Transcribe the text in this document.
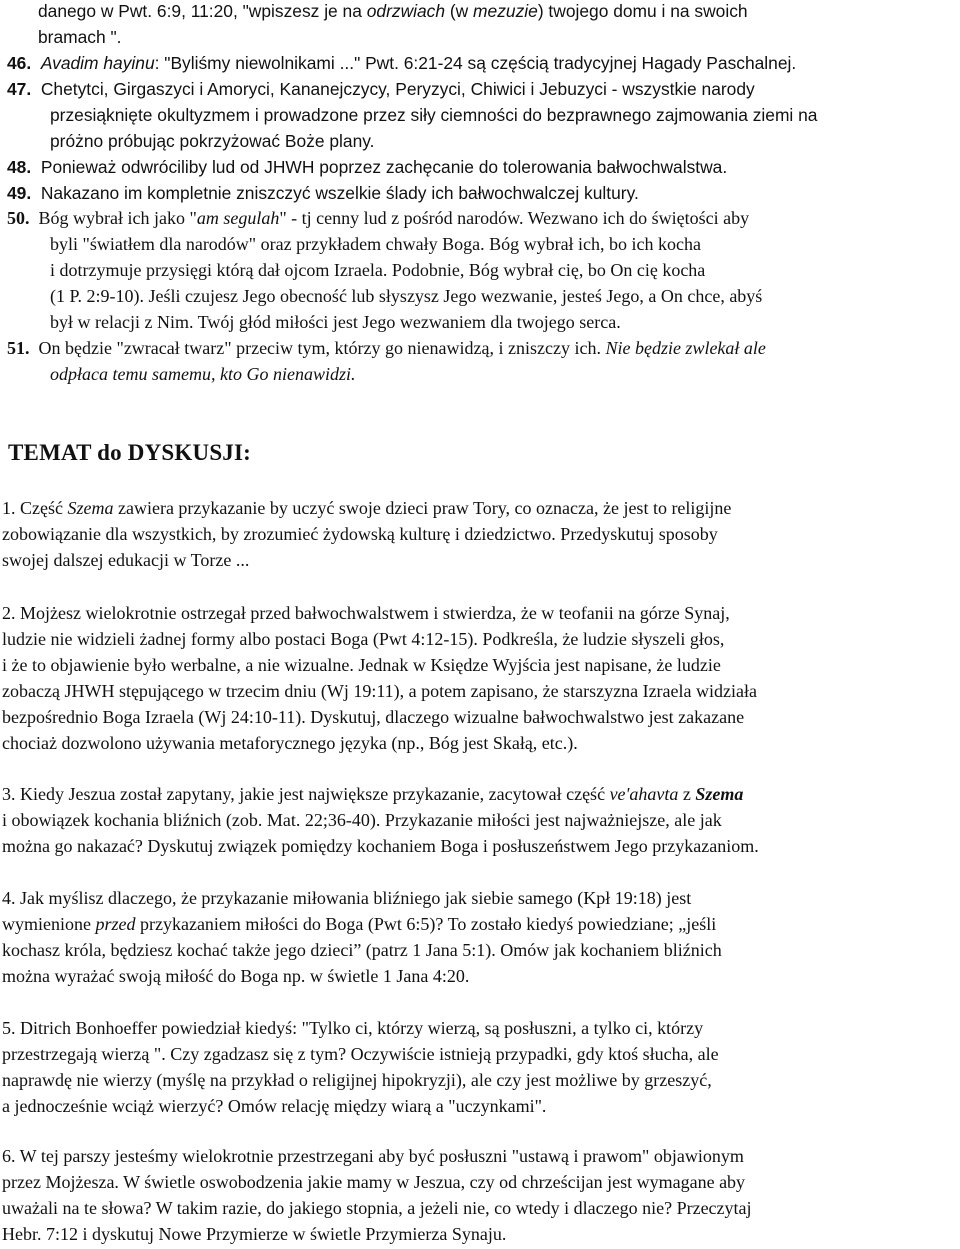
danego w Pwt. 6:9, 11:20, "wpiszesz je na odrzwiach (w mezuzie) twojego domu i na swoich
bramach ".
46. Avadim hayinu: "Byliśmy niewolnikami ..." Pwt. 6:21-24 są częścią tradycyjnej Hagady Paschalnej.
47. Chetytci, Girgaszyci i Amoryci, Kananejczycy, Peryzyci, Chiwici i Jebuzyci - wszystkie narody
przesiąknięte okultyzmem i prowadzone przez siły ciemności do bezprawnego zajmowania ziemi na
próżno próbując pokrzyżować Boże plany.
48. Ponieważ odwróciliby lud od JHWH poprzez zachęcanie do tolerowania bałwochwalstwa.
49. Nakazano im kompletnie zniszczyć wszelkie ślady ich bałwochwalczej kultury.
50. Bóg wybrał ich jako "am segulah" - tj cenny lud z pośród narodów. Wezwano ich do świętości aby
byli "światłem dla narodów" oraz przykładem chwały Boga. Bóg wybrał ich, bo ich kocha
i dotrzymuje przysięgi którą dał ojcom Izraela. Podobnie, Bóg wybrał cię, bo On cię kocha
(1 P. 2:9-10). Jeśli czujesz Jego obecność lub słyszysz Jego wezwanie, jesteś Jego, a On chce, abyś
był w relacji z Nim. Twój głód miłości jest Jego wezwaniem dla twojego serca.
51. On będzie "zwracał twarz" przeciw tym, którzy go nienawidzą, i zniszczy ich. Nie będzie zwlekał ale
odpłaca temu samemu, kto Go nienawidzi.
TEMAT do DYSKUSJI:
1. Część Szema zawiera przykazanie by uczyć swoje dzieci praw Tory, co oznacza, że jest to religijne
zobowiązanie dla wszystkich, by zrozumieć żydowską kulturę i dziedzictwo. Przedyskutuj sposoby
swojej dalszej edukacji w Torze ...
2. Mojżesz wielokrotnie ostrzegał przed bałwochwalstwem i stwierdza, że w teofanii na górze Synaj,
ludzie nie widzieli żadnej formy albo postaci Boga (Pwt 4:12-15). Podkreśla, że ludzie słyszeli głos,
i że to objawienie było werbalne, a nie wizualne. Jednak w Księdze Wyjścia jest napisane, że ludzie
zobaczą JHWH stępującego w trzecim dniu (Wj 19:11), a potem zapisano, że starszyzna Izraela widziała
bezpośrednio Boga Izraela (Wj 24:10-11). Dyskutuj, dlaczego wizualne bałwochwalstwo jest zakazane
chociaż dozwolono używania metaforycznego języka (np., Bóg jest Skałą, etc.).
3. Kiedy Jeszua został zapytany, jakie jest największe przykazanie, zacytował część ve'ahavta z Szema
i obowiązek kochania bliźnich (zob. Mat. 22;36-40). Przykazanie miłości jest najważniejsze, ale jak
można go nakazać? Dyskutuj związek pomiędzy kochaniem Boga i posłuszeństwem Jego przykazaniom.
4. Jak myślisz dlaczego, że przykazanie miłowania bliźniego jak siebie samego (Kpł 19:18) jest
wymienione przed przykazaniem miłości do Boga (Pwt 6:5)? To zostało kiedyś powiedziane; „jeśli
kochasz króla, będziesz kochać także jego dzieci” (patrz 1 Jana 5:1). Omów jak kochaniem bliźnich
można wyrażać swoją miłość do Boga np. w świetle 1 Jana 4:20.
5. Ditrich Bonhoeffer powiedział kiedyś: "Tylko ci, którzy wierzą, są posłuszni, a tylko ci, którzy
przestrzegają wierzą ". Czy zgadzasz się z tym? Oczywiście istnieją przypadki, gdy ktoś słucha, ale
naprawdę nie wierzy (myślę na przykład o religijnej hipokryzji), ale czy jest możliwe by grzeszyć,
a jednocześnie wciąż wierzyć? Omów relację między wiarą a "uczynkami".
6. W tej parszy jesteśmy wielokrotnie przestrzegani aby być posłuszni "ustawą i prawom" objawionym
przez Mojżesza. W świetle oswobodzenia jakie mamy w Jeszua, czy od chrześcijan jest wymagane aby
uważali na te słowa? W takim razie, do jakiego stopnia, a jeżeli nie, co wtedy i dlaczego nie? Przeczytaj
Hebr. 7:12 i dyskutuj Nowe Przymierze w świetle Przymierza Synaju.
